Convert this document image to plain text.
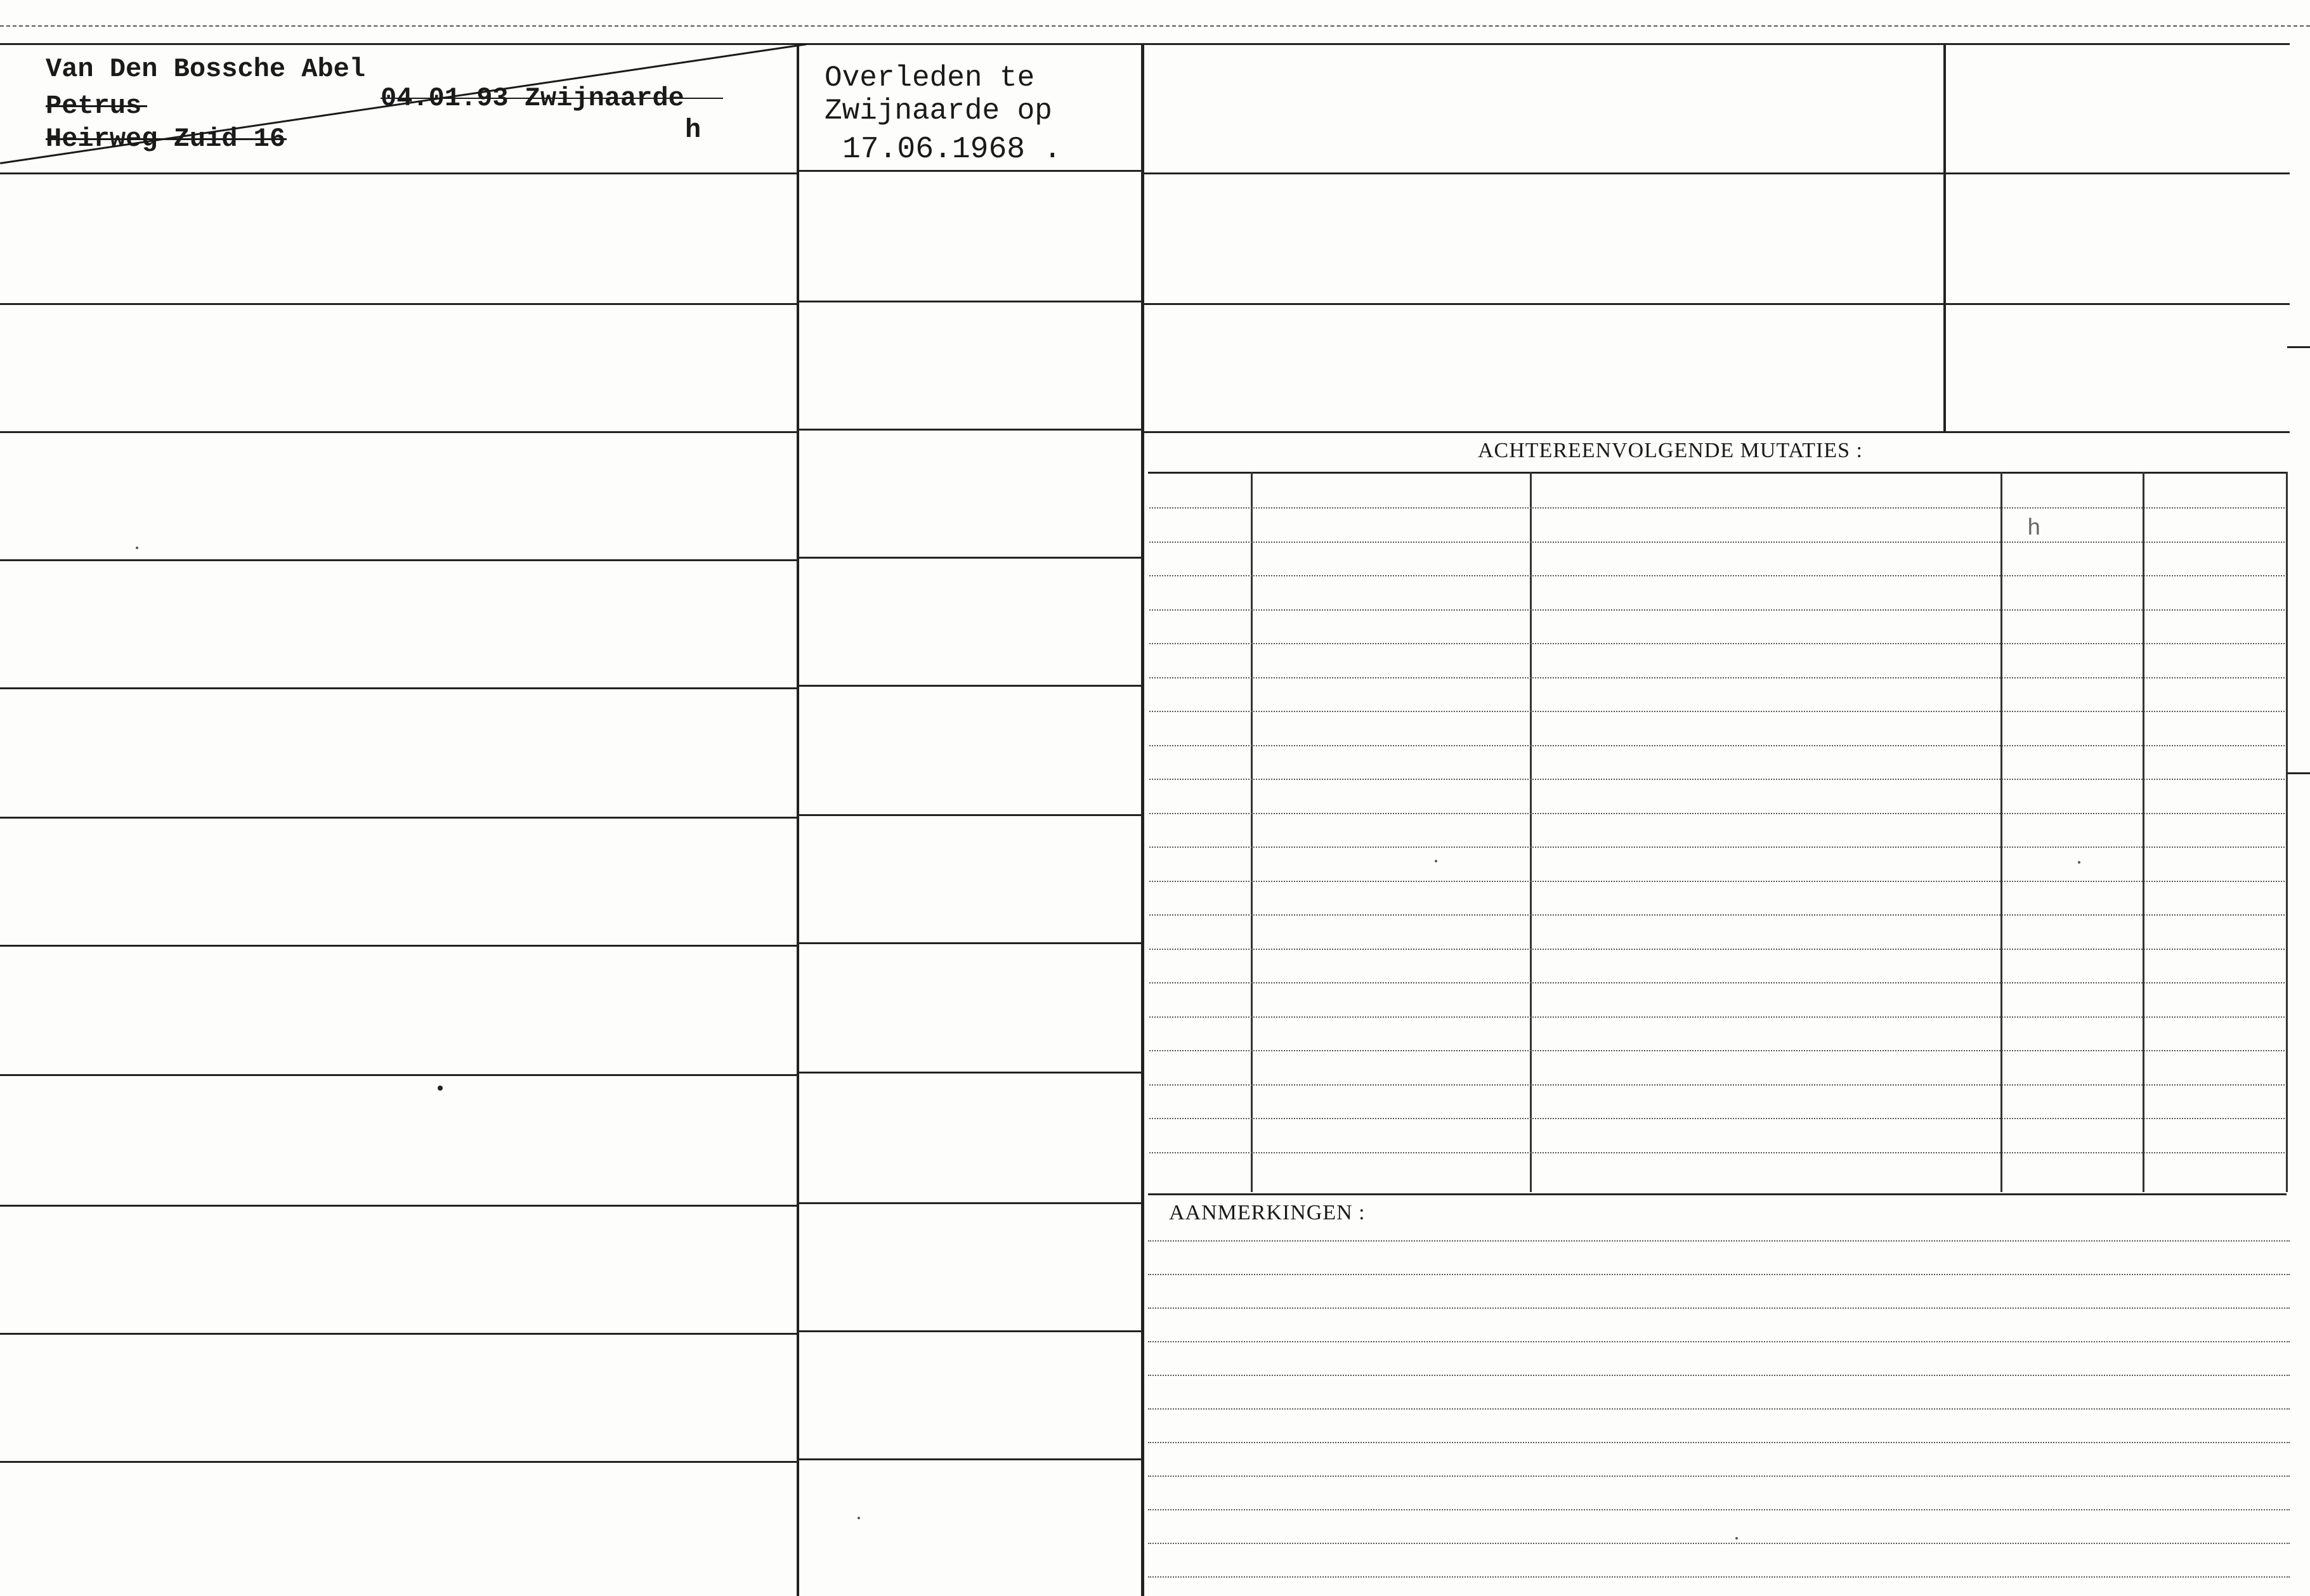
ACHTEREENVOLGENDE MUTATIES :
h
AANMERKINGEN :
Van Den Bossche Abel
Petrus
Heirweg Zuid 16
04.01.93 Zwijnaarde
h
Overleden te
Zwijnaarde op
17.06.1968 .
